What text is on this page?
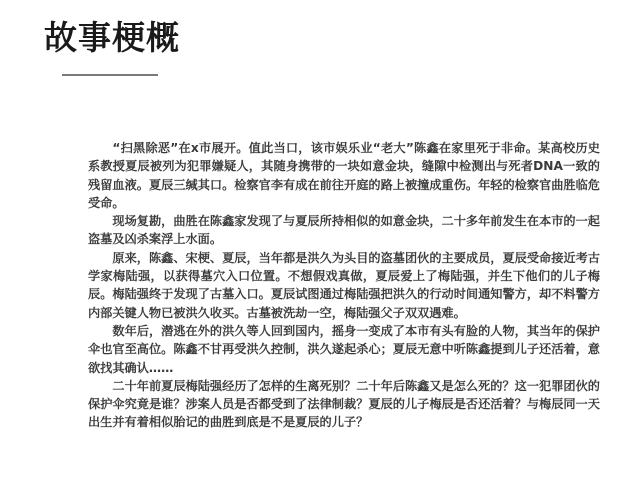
故事梗概

“扫黑除恶”在x市展开。值此当口，该市娱乐业“老大”陈鑫在家里死于非命。某高校历史系教授夏辰被列为犯罪嫌疑人，其随身携带的一块如意金块，缝隙中检测出与死者DNA一致的残留血液。夏辰三缄其口。检察官李有成在前往开庭的路上被撞成重伤。年轻的检察官曲胜临危受命。

现场复勘，曲胜在陈鑫家发现了与夏辰所持相似的如意金块，二十多年前发生在本市的一起盗墓及凶杀案浮上水面。

原来，陈鑫、宋梗、夏辰，当年都是洪久为头目的盗墓团伙的主要成员，夏辰受命接近考古学家梅陆强，以获得墓穴入口位置。不想假戏真做，夏辰爱上了梅陆强，并生下他们的儿子梅辰。梅陆强终于发现了古墓入口。夏辰试图通过梅陆强把洪久的行动时间通知警方，却不料警方内部关键人物已被洪久收买。古墓被洗劫一空，梅陆强父子双双遇难。

数年后，潜逃在外的洪久等人回到国内，摇身一变成了本市有头有脸的人物，其当年的保护伞也官至高位。陈鑫不甘再受洪久控制，洪久遂起杀心；夏辰无意中听陈鑫提到儿子还活着，意欲找其确认……

二十年前夏辰梅陆强经历了怎样的生离死别？二十年后陈鑫又是怎么死的？这一犯罪团伙的保护伞究竟是谁？涉案人员是否都受到了法律制裁？夏辰的儿子梅辰是否还活着？与梅辰同一天出生并有着相似胎记的曲胜到底是不是夏辰的儿子？
